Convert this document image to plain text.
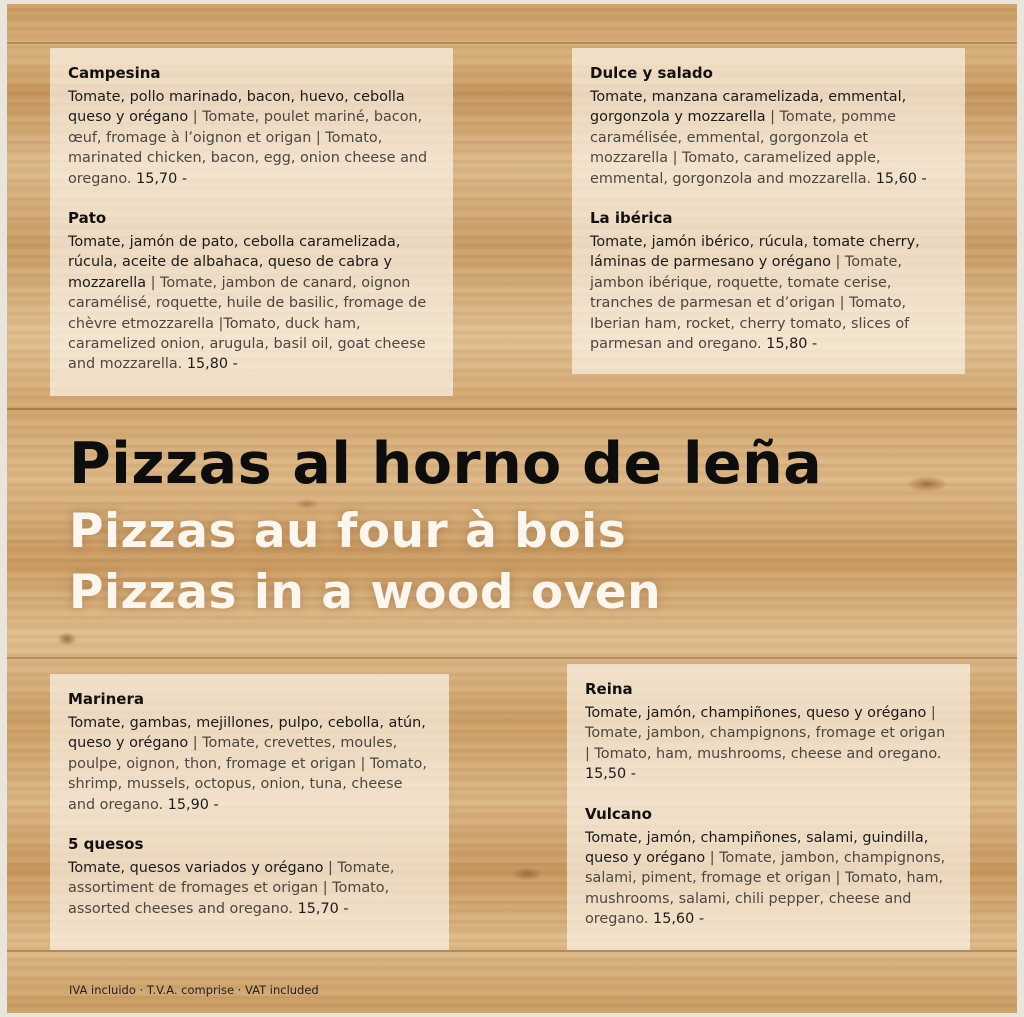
Campesina
Tomate, pollo marinado, bacon, huevo, cebolla queso y orégano | Tomate, poulet mariné, bacon, œuf, fromage à l’oignon et origan | Tomato, marinated chicken, bacon, egg, onion cheese and oregano. 15,70 -
Pato
Tomate, jamón de pato, cebolla caramelizada, rúcula, aceite de albahaca, queso de cabra y mozzarella | Tomate, jambon de canard, oignon caramélisé, roquette, huile de basilic, fromage de chèvre etmozzarella |Tomato, duck ham, caramelized onion, arugula, basil oil, goat cheese and mozzarella. 15,80 -
Dulce y salado
Tomate, manzana caramelizada, emmental, gorgonzola y mozzarella | Tomate, pomme caramélisée, emmental, gorgonzola et mozzarella | Tomato, caramelized apple, emmental, gorgonzola and mozzarella. 15,60 -
La ibérica
Tomate, jamón ibérico, rúcula, tomate cherry, láminas de parmesano y orégano | Tomate, jambon ibérique, roquette, tomate cerise, tranches de parmesan et d’origan | Tomato, Iberian ham, rocket, cherry tomato, slices of parmesan and oregano. 15,80 -
Pizzas al horno de leña
Pizzas au four à bois
Pizzas in a wood oven
Marinera
Tomate, gambas, mejillones, pulpo, cebolla, atún, queso y orégano | Tomate, crevettes, moules, poulpe, oignon, thon, fromage et origan | Tomato, shrimp, mussels, octopus, onion, tuna, cheese and oregano. 15,90 -
5 quesos
Tomate, quesos variados y orégano | Tomate, assortiment de fromages et origan | Tomato, assorted cheeses and oregano. 15,70 -
Reina
Tomate, jamón, champiñones, queso y orégano | Tomate, jambon, champignons, fromage et origan | Tomato, ham, mushrooms, cheese and oregano. 15,50 -
Vulcano
Tomate, jamón, champiñones, salami, guindilla, queso y orégano | Tomate, jambon, champignons, salami, piment, fromage et origan | Tomato, ham, mushrooms, salami, chili pepper, cheese and oregano. 15,60 -
IVA incluido · T.V.A. comprise · VAT included
